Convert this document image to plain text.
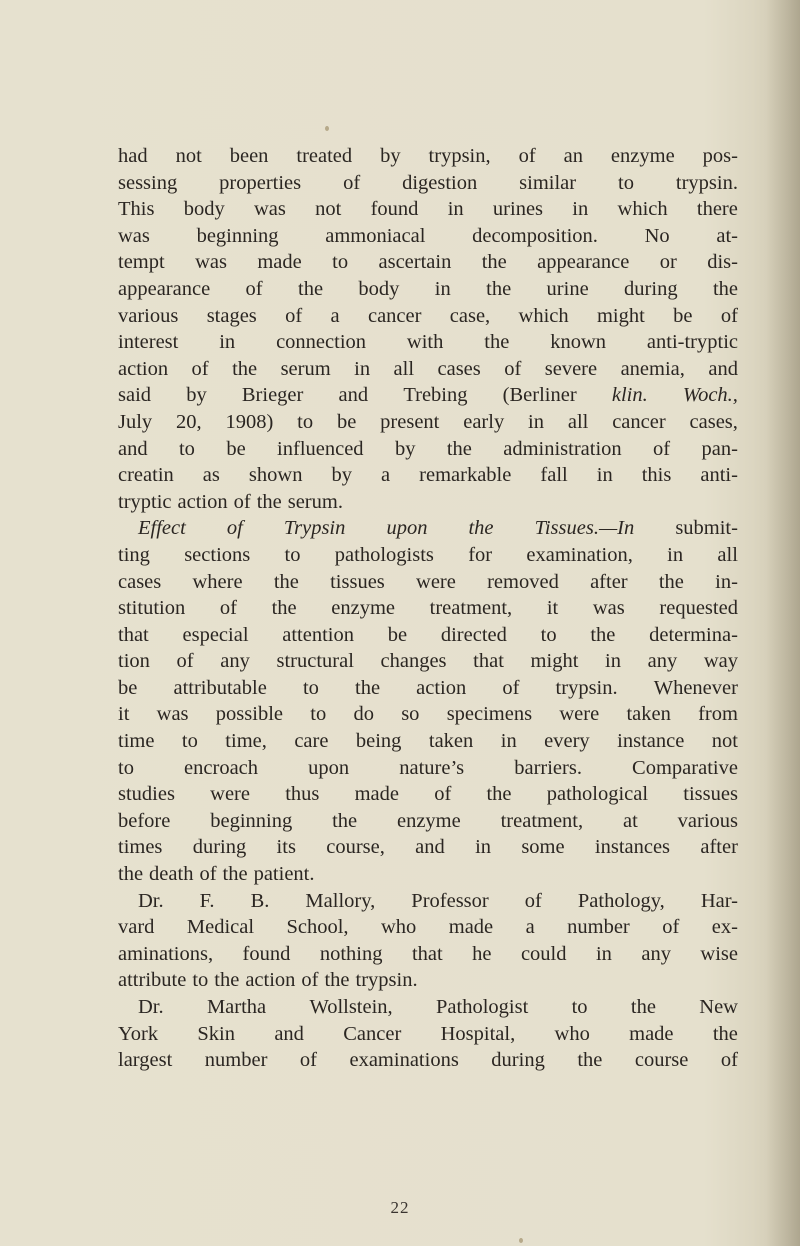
had not been treated by trypsin, of an enzyme pos-
sessing properties of digestion similar to trypsin.
This body was not found in urines in which there
was beginning ammoniacal decomposition. No at-
tempt was made to ascertain the appearance or dis-
appearance of the body in the urine during the
various stages of a cancer case, which might be of
interest in connection with the known anti-tryptic
action of the serum in all cases of severe anemia, and
said by Brieger and Trebing (Berliner klin. Woch.,
July 20, 1908) to be present early in all cancer cases,
and to be influenced by the administration of pan-
creatin as shown by a remarkable fall in this anti-
tryptic action of the serum.
Effect of Trypsin upon the Tissues.—In submit-
ting sections to pathologists for examination, in all
cases where the tissues were removed after the in-
stitution of the enzyme treatment, it was requested
that especial attention be directed to the determina-
tion of any structural changes that might in any way
be attributable to the action of trypsin. Whenever
it was possible to do so specimens were taken from
time to time, care being taken in every instance not
to encroach upon nature’s barriers. Comparative
studies were thus made of the pathological tissues
before beginning the enzyme treatment, at various
times during its course, and in some instances after
the death of the patient.
Dr. F. B. Mallory, Professor of Pathology, Har-
vard Medical School, who made a number of ex-
aminations, found nothing that he could in any wise
attribute to the action of the trypsin.
Dr. Martha Wollstein, Pathologist to the New
York Skin and Cancer Hospital, who made the
largest number of examinations during the course of
22
